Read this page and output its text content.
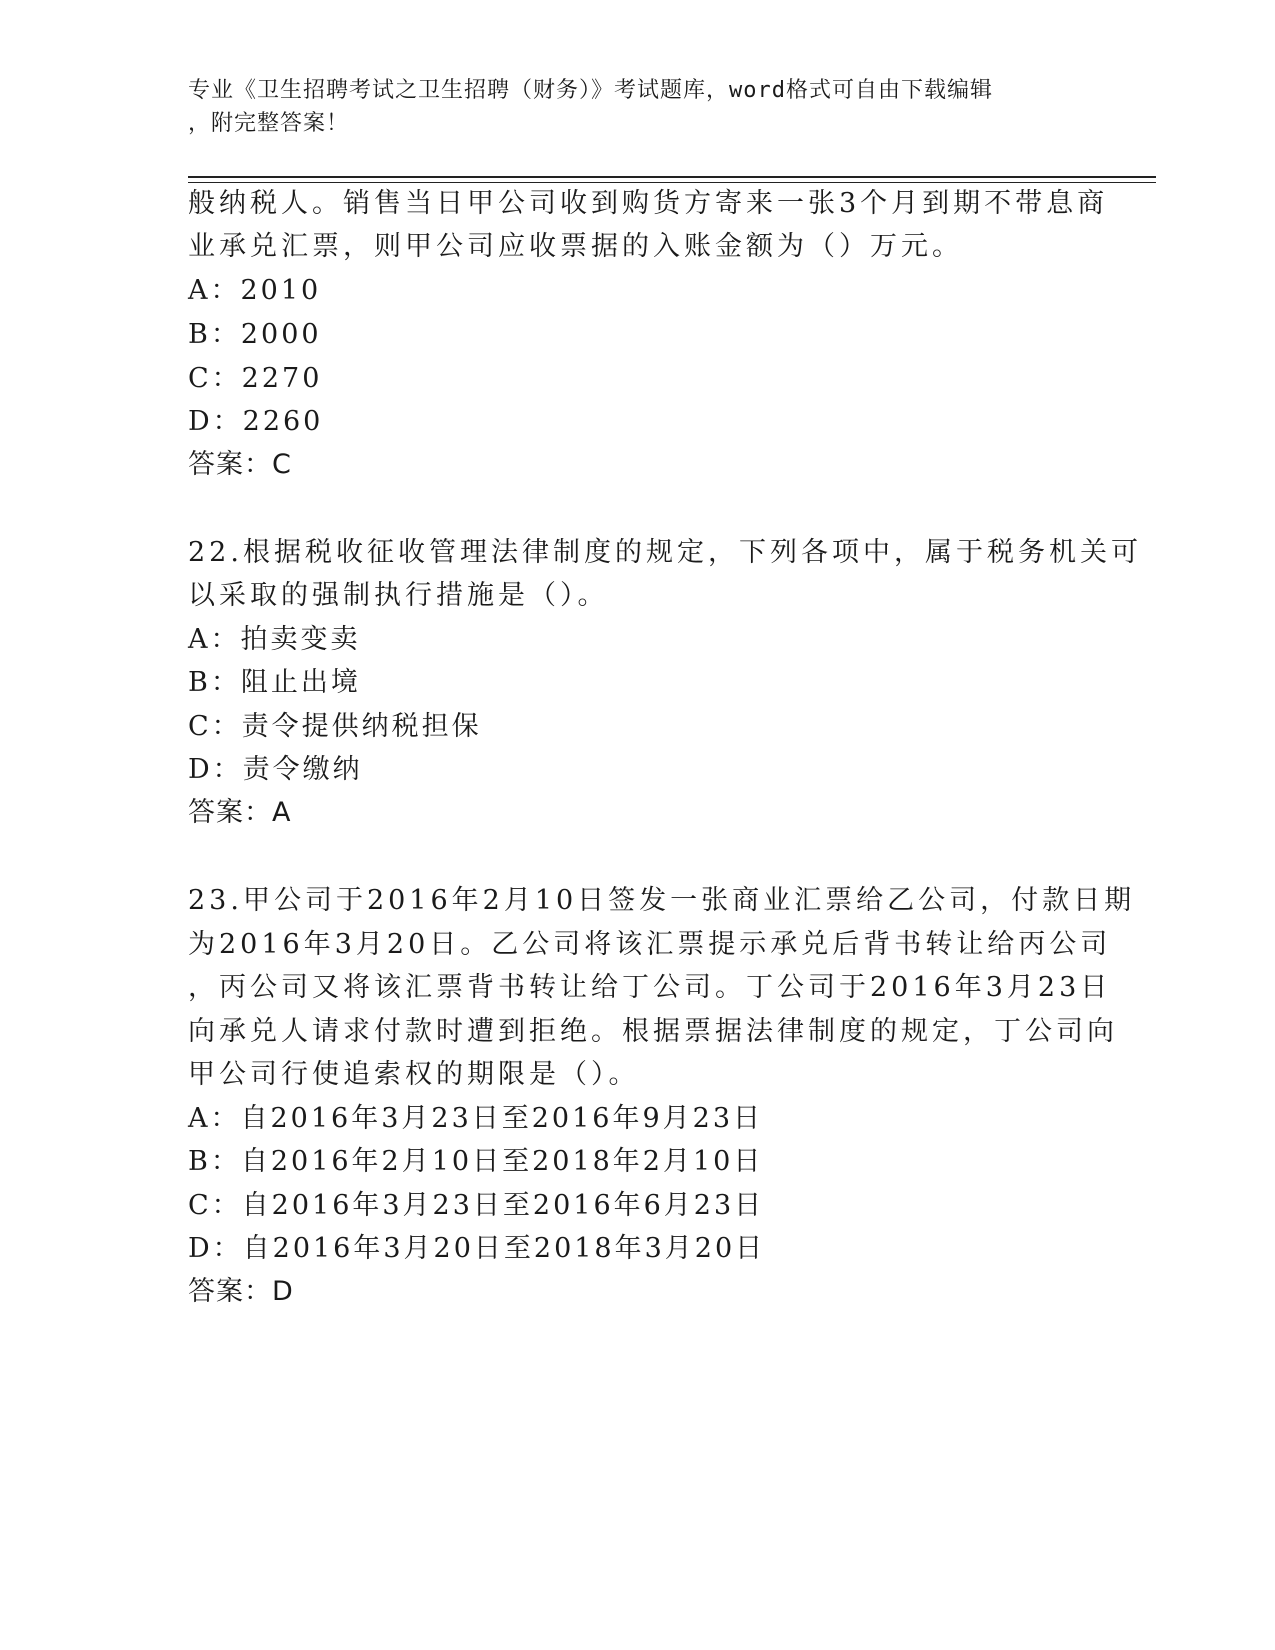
专业《卫生招聘考试之卫生招聘（财务）》考试题库，word格式可自由下载编辑
，附完整答案！
般纳税人。销售当日甲公司收到购货方寄来一张3个月到期不带息商
业承兑汇票，则甲公司应收票据的入账金额为（）万元。
A：2010
B：2000
C：2270
D：2260
答案：C
22.根据税收征收管理法律制度的规定，下列各项中，属于税务机关可
以采取的强制执行措施是（）。
A：拍卖变卖
B：阻止出境
C：责令提供纳税担保
D：责令缴纳
答案：A
23.甲公司于2016年2月10日签发一张商业汇票给乙公司，付款日期
为2016年3月20日。乙公司将该汇票提示承兑后背书转让给丙公司
，丙公司又将该汇票背书转让给丁公司。丁公司于2016年3月23日
向承兑人请求付款时遭到拒绝。根据票据法律制度的规定，丁公司向
甲公司行使追索权的期限是（）。
A：自2016年3月23日至2016年9月23日
B：自2016年2月10日至2018年2月10日
C：自2016年3月23日至2016年6月23日
D：自2016年3月20日至2018年3月20日
答案：D
